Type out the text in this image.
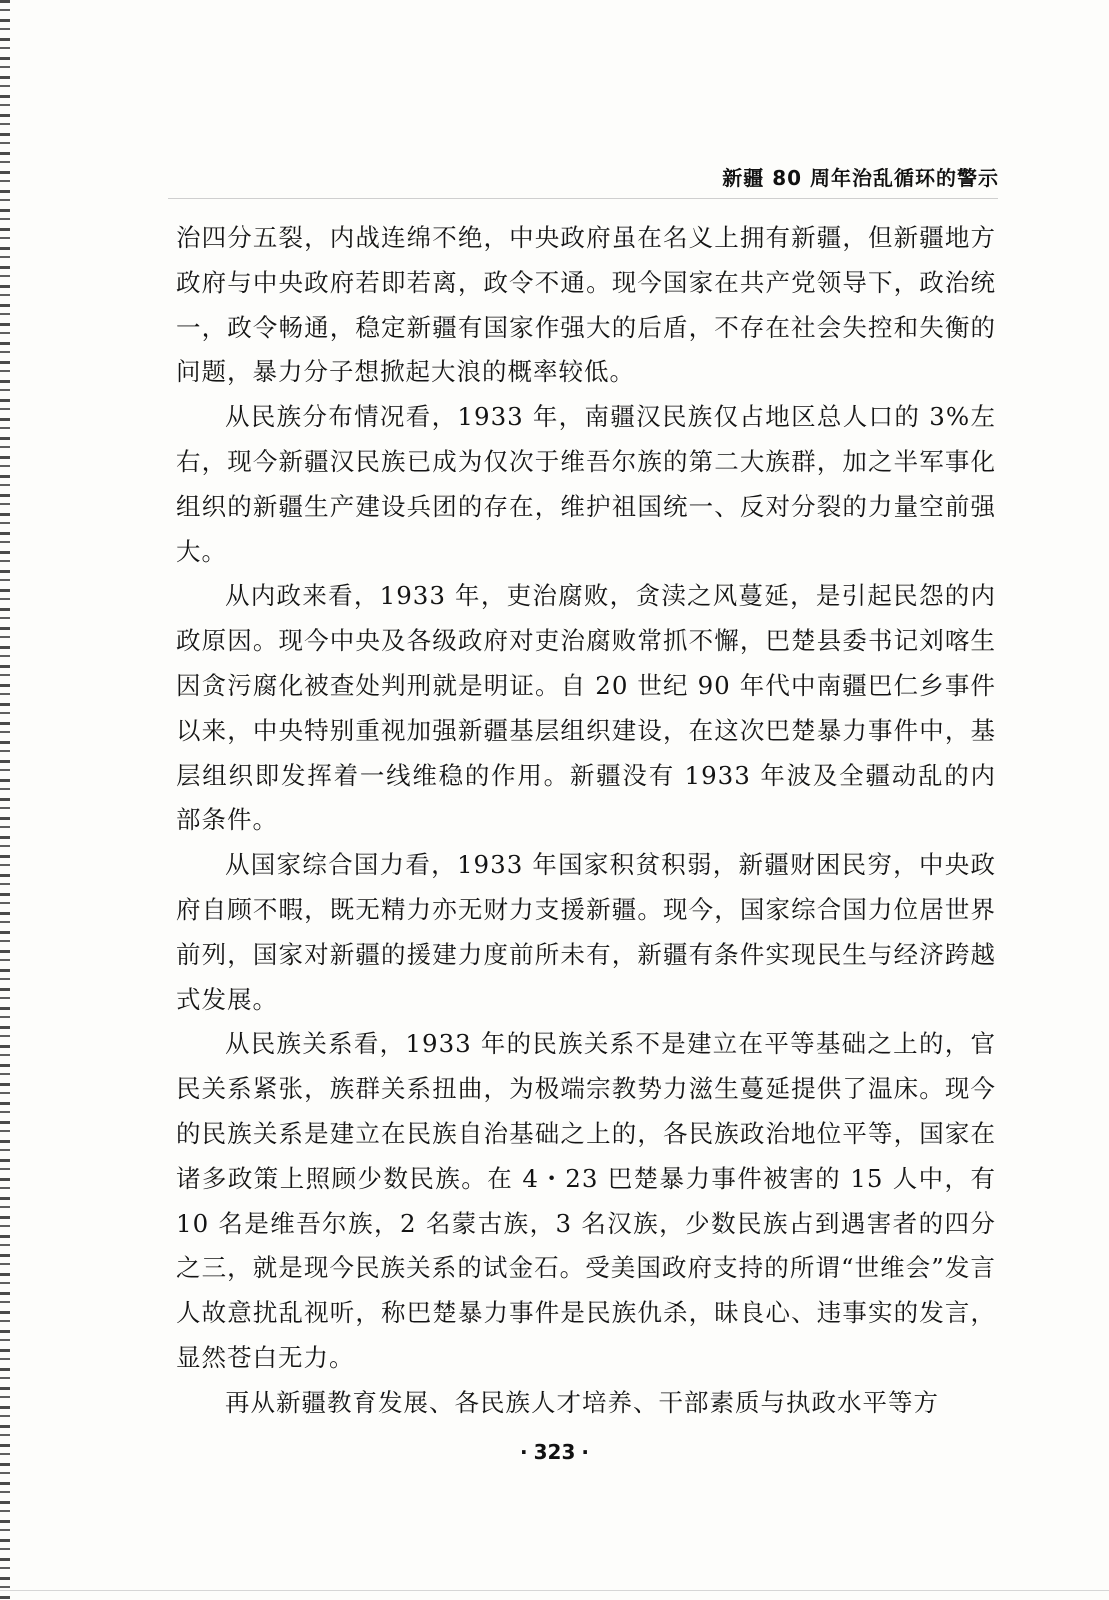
新疆 80 周年治乱循环的警示

治四分五裂，内战连绵不绝，中央政府虽在名义上拥有新疆，但新疆地方政府与中央政府若即若离，政令不通。现今国家在共产党领导下，政治统一，政令畅通，稳定新疆有国家作强大的后盾，不存在社会失控和失衡的问题，暴力分子想掀起大浪的概率较低。

从民族分布情况看，1933 年，南疆汉民族仅占地区总人口的 3%左右，现今新疆汉民族已成为仅次于维吾尔族的第二大族群，加之半军事化组织的新疆生产建设兵团的存在，维护祖国统一、反对分裂的力量空前强大。

从内政来看，1933 年，吏治腐败，贪渎之风蔓延，是引起民怨的内政原因。现今中央及各级政府对吏治腐败常抓不懈，巴楚县委书记刘喀生因贪污腐化被查处判刑就是明证。自 20 世纪 90 年代中南疆巴仁乡事件以来，中央特别重视加强新疆基层组织建设，在这次巴楚暴力事件中，基层组织即发挥着一线维稳的作用。新疆没有 1933 年波及全疆动乱的内部条件。

从国家综合国力看，1933 年国家积贫积弱，新疆财困民穷，中央政府自顾不暇，既无精力亦无财力支援新疆。现今，国家综合国力位居世界前列，国家对新疆的援建力度前所未有，新疆有条件实现民生与经济跨越式发展。

从民族关系看，1933 年的民族关系不是建立在平等基础之上的，官民关系紧张，族群关系扭曲，为极端宗教势力滋生蔓延提供了温床。现今的民族关系是建立在民族自治基础之上的，各民族政治地位平等，国家在诸多政策上照顾少数民族。在 4・23 巴楚暴力事件被害的 15 人中，有 10 名是维吾尔族，2 名蒙古族，3 名汉族，少数民族占到遇害者的四分之三，就是现今民族关系的试金石。受美国政府支持的所谓“世维会”发言人故意扰乱视听，称巴楚暴力事件是民族仇杀，昧良心、违事实的发言，显然苍白无力。

再从新疆教育发展、各民族人才培养、干部素质与执政水平等方

· 323 ·
